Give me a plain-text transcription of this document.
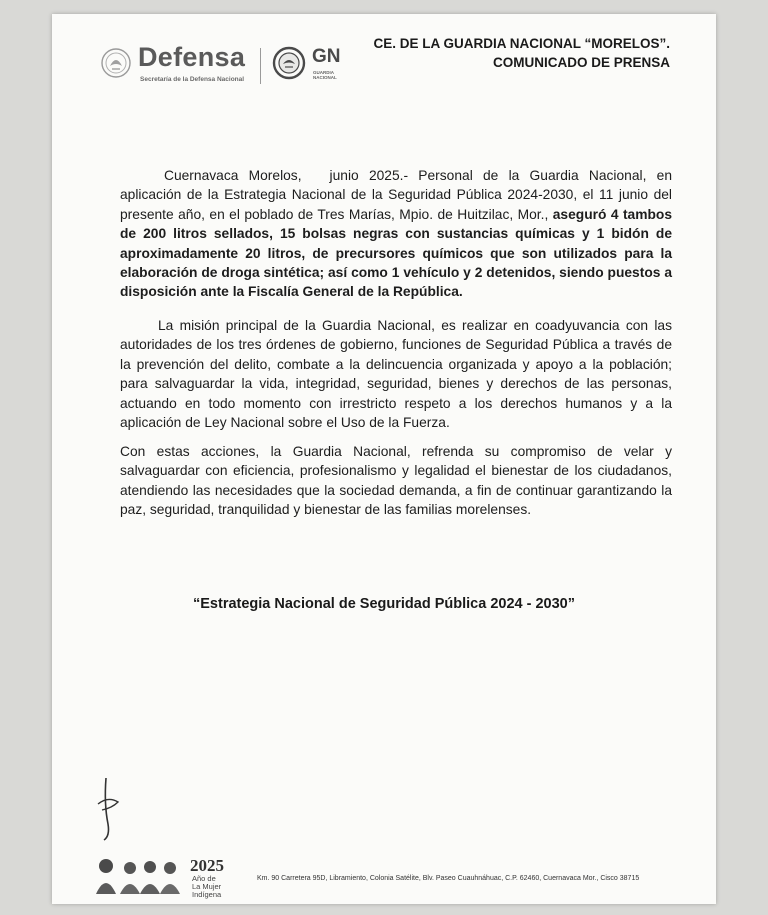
Defensa
Secretaría de la Defensa Nacional
GN
GUARDIA
NACIONAL
CE. DE LA GUARDIA NACIONAL “MORELOS”.
COMUNICADO DE PRENSA
Cuernavaca Morelos, junio 2025.- Personal de la Guardia Nacional, en aplicación de la Estrategia Nacional de la Seguridad Pública 2024-2030, el 11 junio del presente año, en el poblado de Tres Marías, Mpio. de Huitzilac, Mor., aseguró 4 tambos de 200 litros sellados, 15 bolsas negras con sustancias químicas y 1 bidón de aproximadamente 20 litros, de precursores químicos que son utilizados para la elaboración de droga sintética; así como 1 vehículo y 2 detenidos, siendo puestos a disposición ante la Fiscalía General de la República.
La misión principal de la Guardia Nacional, es realizar en coadyuvancia con las autoridades de los tres órdenes de gobierno, funciones de Seguridad Pública a través de la prevención del delito, combate a la delincuencia organizada y apoyo a la población; para salvaguardar la vida, integridad, seguridad, bienes y derechos de las personas, actuando en todo momento con irrestricto respeto a los derechos humanos y a la aplicación de Ley Nacional sobre el Uso de la Fuerza.
Con estas acciones, la Guardia Nacional, refrenda su compromiso de velar y salvaguardar con eficiencia, profesionalismo y legalidad el bienestar de los ciudadanos, atendiendo las necesidades que la sociedad demanda, a fin de continuar garantizando la paz, seguridad, tranquilidad y bienestar de las familias morelenses.
“Estrategia Nacional de Seguridad Pública 2024 - 2030”
2025
Año de
La Mujer
Indígena
Km. 90 Carretera 95D, Libramiento, Colonia Satélite, Blv. Paseo Cuauhnáhuac, C.P. 62460, Cuernavaca Mor., Cisco 38715
